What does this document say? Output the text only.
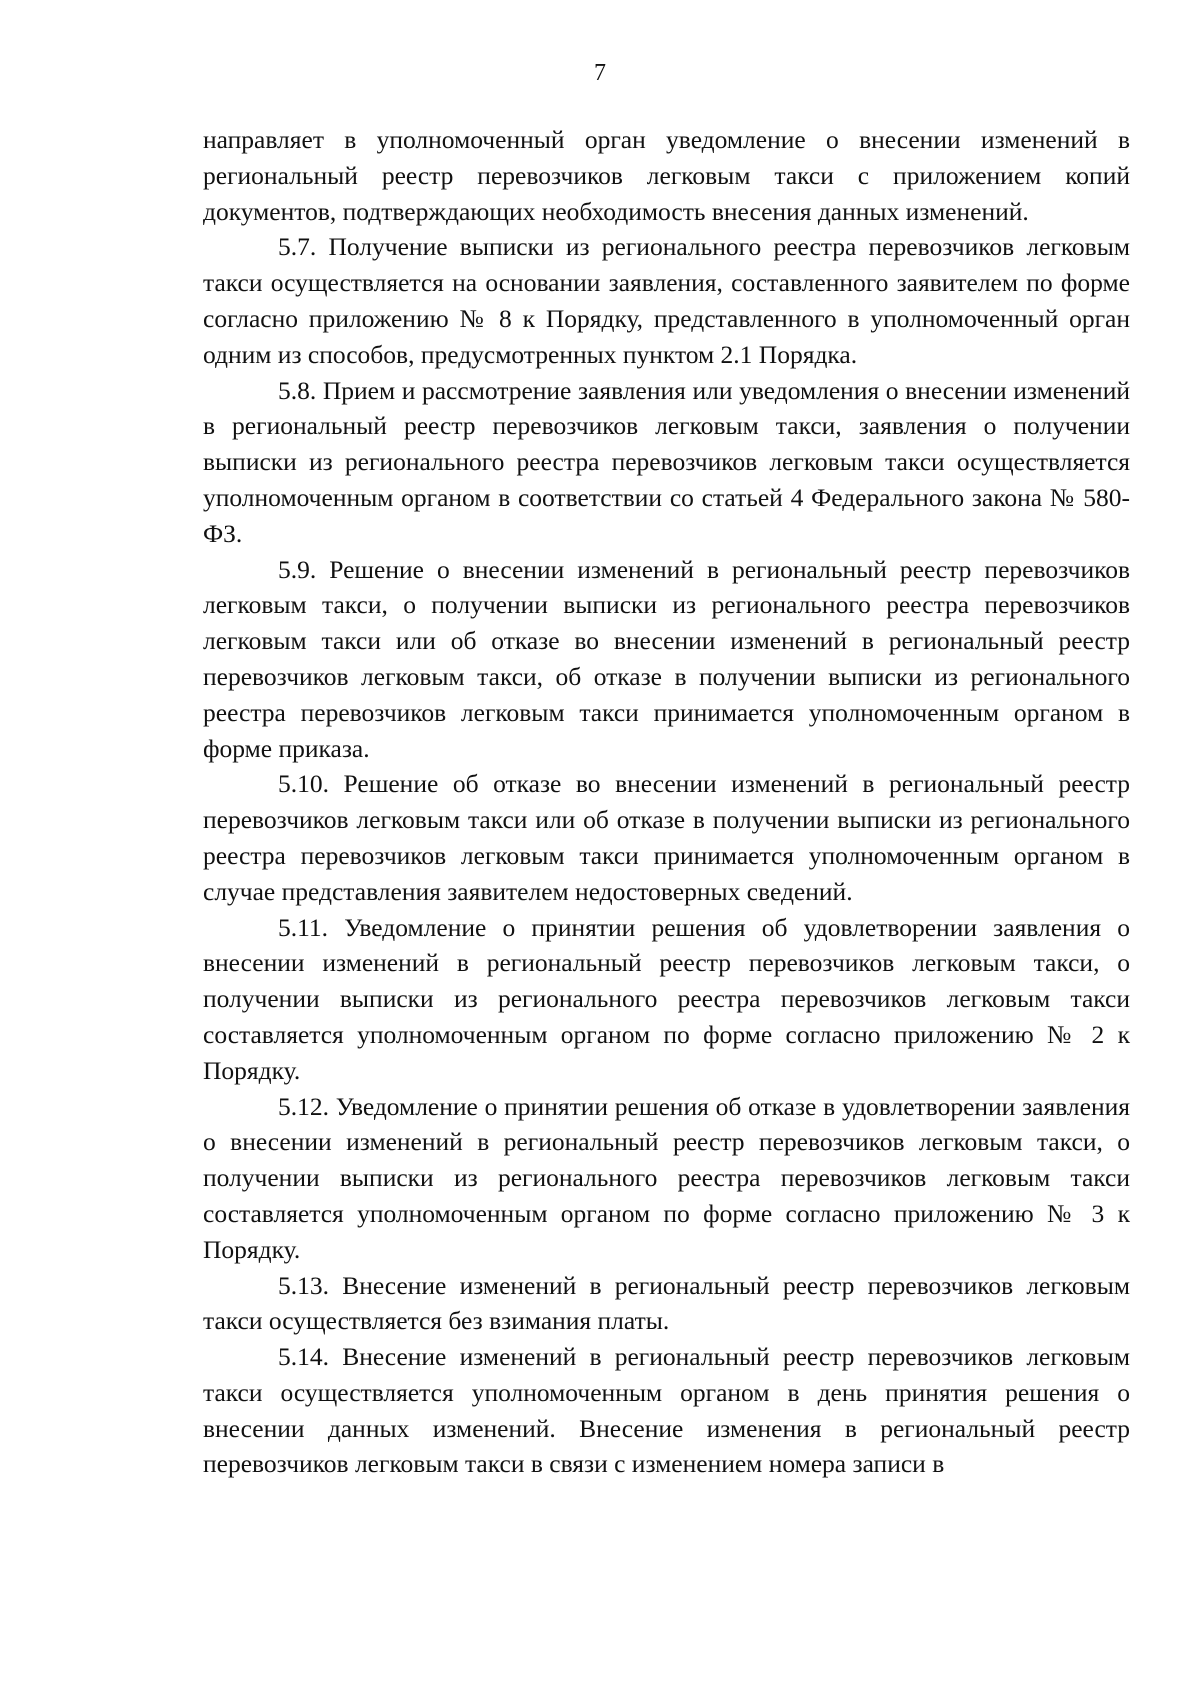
7

направляет в уполномоченный орган уведомление о внесении изменений в региональный реестр перевозчиков легковым такси с приложением копий документов, подтверждающих необходимость внесения данных изменений.

5.7. Получение выписки из регионального реестра перевозчиков легковым такси осуществляется на основании заявления, составленного заявителем по форме согласно приложению № 8 к Порядку, представленного в уполномоченный орган одним из способов, предусмотренных пунктом 2.1 Порядка.

5.8. Прием и рассмотрение заявления или уведомления о внесении изменений в региональный реестр перевозчиков легковым такси, заявления о получении выписки из регионального реестра перевозчиков легковым такси осуществляется уполномоченным органом в соответствии со статьей 4 Федерального закона № 580-ФЗ.

5.9. Решение о внесении изменений в региональный реестр перевозчиков легковым такси, о получении выписки из регионального реестра перевозчиков легковым такси или об отказе во внесении изменений в региональный реестр перевозчиков легковым такси, об отказе в получении выписки из регионального реестра перевозчиков легковым такси принимается уполномоченным органом в форме приказа.

5.10. Решение об отказе во внесении изменений в региональный реестр перевозчиков легковым такси или об отказе в получении выписки из регионального реестра перевозчиков легковым такси принимается уполномоченным органом в случае представления заявителем недостоверных сведений.

5.11. Уведомление о принятии решения об удовлетворении заявления о внесении изменений в региональный реестр перевозчиков легковым такси, о получении выписки из регионального реестра перевозчиков легковым такси составляется уполномоченным органом по форме согласно приложению № 2 к Порядку.

5.12. Уведомление о принятии решения об отказе в удовлетворении заявления о внесении изменений в региональный реестр перевозчиков легковым такси, о получении выписки из регионального реестра перевозчиков легковым такси составляется уполномоченным органом по форме согласно приложению № 3 к Порядку.

5.13. Внесение изменений в региональный реестр перевозчиков легковым такси осуществляется без взимания платы.

5.14. Внесение изменений в региональный реестр перевозчиков легковым такси осуществляется уполномоченным органом в день принятия решения о внесении данных изменений. Внесение изменения в региональный реестр перевозчиков легковым такси в связи с изменением номера записи в
